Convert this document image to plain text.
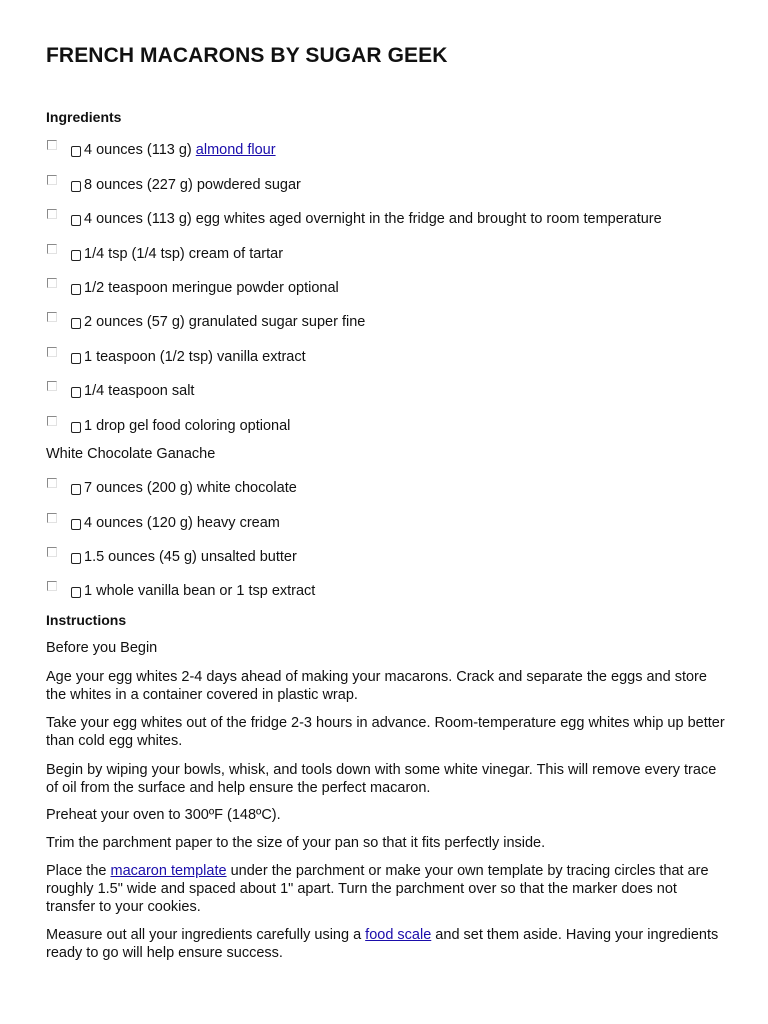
FRENCH MACARONS BY SUGAR GEEK
Ingredients
4 ounces (113 g) almond flour
8 ounces (227 g) powdered sugar
4 ounces (113 g) egg whites aged overnight in the fridge and brought to room temperature
1/4 tsp (1/4 tsp) cream of tartar
1/2 teaspoon meringue powder optional
2 ounces (57 g) granulated sugar super fine
1 teaspoon (1/2 tsp) vanilla extract
1/4 teaspoon salt
1 drop gel food coloring optional
White Chocolate Ganache
7 ounces (200 g) white chocolate
4 ounces (120 g) heavy cream
1.5 ounces (45 g) unsalted butter
1 whole vanilla bean or 1 tsp extract
Instructions
Before you Begin
Age your egg whites 2-4 days ahead of making your macarons. Crack and separate the eggs and store the whites in a container covered in plastic wrap.
Take your egg whites out of the fridge 2-3 hours in advance. Room-temperature egg whites whip up better than cold egg whites.
Begin by wiping your bowls, whisk, and tools down with some white vinegar. This will remove every trace of oil from the surface and help ensure the perfect macaron.
Preheat your oven to 300ºF (148ºC).
Trim the parchment paper to the size of your pan so that it fits perfectly inside.
Place the macaron template under the parchment or make your own template by tracing circles that are roughly 1.5" wide and spaced about 1" apart. Turn the parchment over so that the marker does not transfer to your cookies.
Measure out all your ingredients carefully using a food scale and set them aside. Having your ingredients ready to go will help ensure success.
